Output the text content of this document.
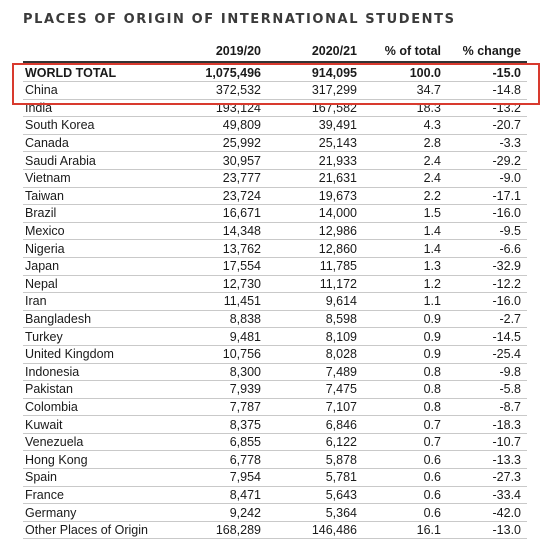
PLACES OF ORIGIN OF INTERNATIONAL STUDENTS
	2019/20	2020/21	% of total	% change
WORLD TOTAL	1,075,496	914,095	100.0	-15.0
China	372,532	317,299	34.7	-14.8
India	193,124	167,582	18.3	-13.2
South Korea	49,809	39,491	4.3	-20.7
Canada	25,992	25,143	2.8	-3.3
Saudi Arabia	30,957	21,933	2.4	-29.2
Vietnam	23,777	21,631	2.4	-9.0
Taiwan	23,724	19,673	2.2	-17.1
Brazil	16,671	14,000	1.5	-16.0
Mexico	14,348	12,986	1.4	-9.5
Nigeria	13,762	12,860	1.4	-6.6
Japan	17,554	11,785	1.3	-32.9
Nepal	12,730	11,172	1.2	-12.2
Iran	11,451	9,614	1.1	-16.0
Bangladesh	8,838	8,598	0.9	-2.7
Turkey	9,481	8,109	0.9	-14.5
United Kingdom	10,756	8,028	0.9	-25.4
Indonesia	8,300	7,489	0.8	-9.8
Pakistan	7,939	7,475	0.8	-5.8
Colombia	7,787	7,107	0.8	-8.7
Kuwait	8,375	6,846	0.7	-18.3
Venezuela	6,855	6,122	0.7	-10.7
Hong Kong	6,778	5,878	0.6	-13.3
Spain	7,954	5,781	0.6	-27.3
France	8,471	5,643	0.6	-33.4
Germany	9,242	5,364	0.6	-42.0
Other Places of Origin	168,289	146,486	16.1	-13.0
